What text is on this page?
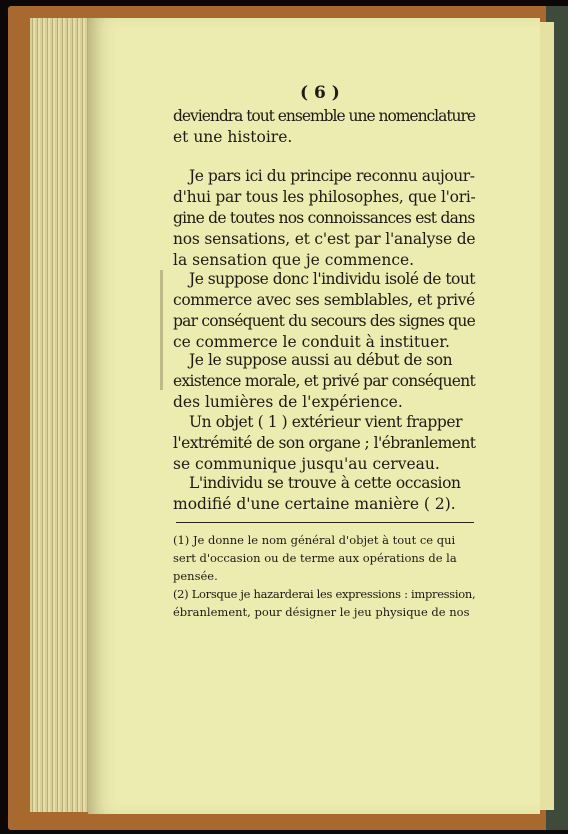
( 6 )
deviendra tout ensemble une nomenclature
et une histoire.
Je pars ici du principe reconnu aujour-
d'hui par tous les philosophes, que l'ori-
gine de toutes nos connoissances est dans
nos sensations, et c'est par l'analyse de
la sensation que je commence.
Je suppose donc l'individu isolé de tout
commerce avec ses semblables, et privé
par conséquent du secours des signes que
ce commerce le conduit à instituer.
Je le suppose aussi au début de son
existence morale, et privé par conséquent
des lumières de l'expérience.
Un objet ( 1 ) extérieur vient frapper
l'extrémité de son organe ; l'ébranlement
se communique jusqu'au cerveau.
L'individu se trouve à cette occasion
modifié d'une certaine manière ( 2).
(1) Je donne le nom général d'objet à tout ce qui
sert d'occasion ou de terme aux opérations de la
pensée.
(2) Lorsque je hazarderai les expressions : impression,
ébranlement, pour désigner le jeu physique de nos
